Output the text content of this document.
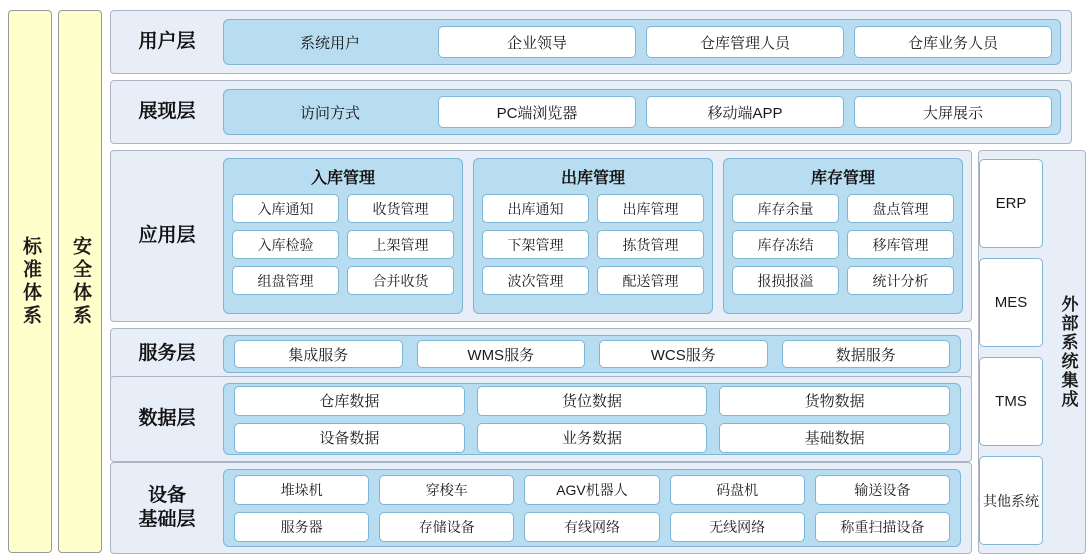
标准体系 安全体系
用户层	系统用户	企业领导	仓库管理人员	仓库业务人员
展现层	访问方式	PC端浏览器	移动端APP	大屏展示
应用层
入库管理
入库通知	收货管理
入库检验	上架管理
组盘管理	合并收货
出库管理
出库通知	出库管理
下架管理	拣货管理
波次管理	配送管理
库存管理
库存余量	盘点管理
库存冻结	移库管理
报损报溢	统计分析
服务层	集成服务	WMS服务	WCS服务	数据服务
数据层
仓库数据	货位数据	货物数据
设备数据	业务数据	基础数据
设备
基础层
堆垛机	穿梭车	AGV机器人	码盘机	输送设备
服务器	存储设备	有线网络	无线网络	称重扫描设备
ERP
MES
TMS
其他系统
外部系统集成
